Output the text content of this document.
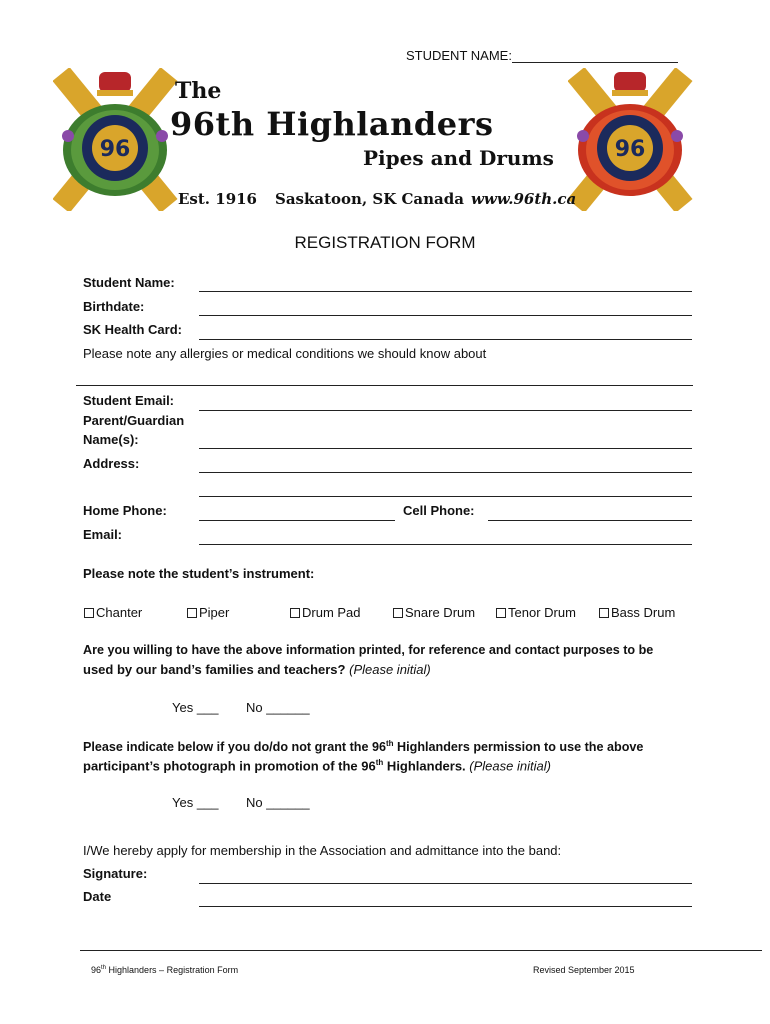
STUDENT NAME:
96	96
The
96th Highlanders
Pipes and Drums
Est. 1916 Saskatoon, SK Canada www.96th.ca
REGISTRATION FORM
Student Name:
Birthdate:
SK Health Card:
Please note any allergies or medical conditions we should know about
Student Email:
Parent/Guardian
Name(s):
Address:
Home Phone:	Cell Phone:
Email:
Please note the student’s instrument:
Chanter	Piper	Drum Pad	Snare Drum	Tenor Drum	Bass Drum
Are you willing to have the above information printed, for reference and contact purposes to be
used by our band’s families and teachers? (Please initial)
Yes ___ No ______
Please indicate below if you do/do not grant the 96th Highlanders permission to use the above
participant’s photograph in promotion of the 96th Highlanders. (Please initial)
Yes ___ No ______
I/We hereby apply for membership in the Association and admittance into the band:
Signature:
Date
96th Highlanders – Registration Form	Revised September 2015
